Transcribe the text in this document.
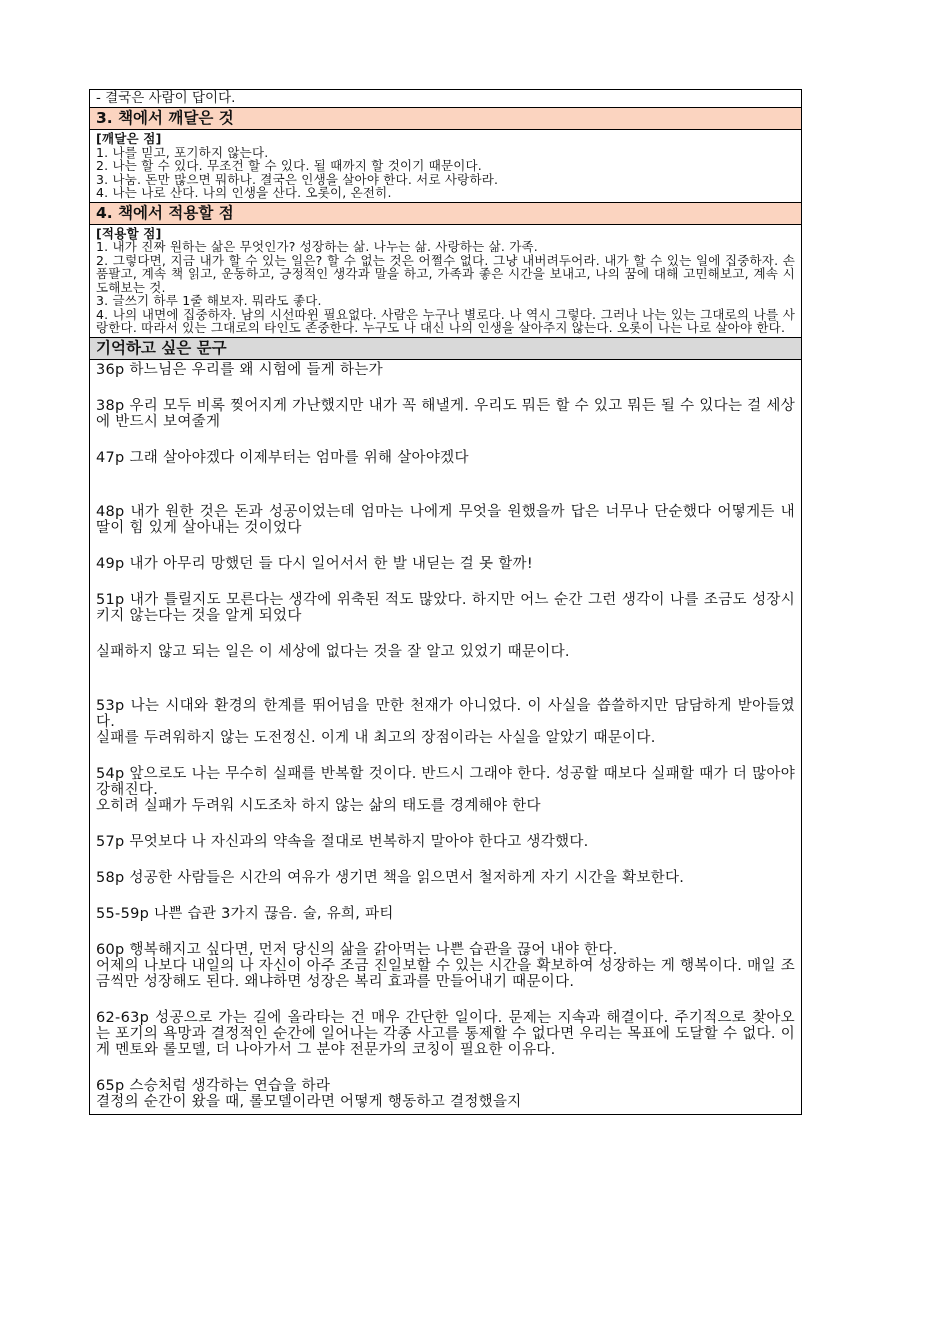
- 결국은 사람이 답이다.
3. 책에서 깨달은 것

[깨달은 점]

1. 나를 믿고, 포기하지 않는다.

2. 나는 할 수 있다. 무조건 할 수 있다. 될 때까지 할 것이기 때문이다.

3. 나눔. 돈만 많으면 뭐하나. 결국은 인생을 살아야 한다. 서로 사랑하라.

4. 나는 나로 산다. 나의 인생을 산다. 오롯이, 온전히.

4. 책에서 적용할 점

[적용할 점]

1. 내가 진짜 원하는 삶은 무엇인가? 성장하는 삶. 나누는 삶. 사랑하는 삶. 가족.

2. 그렇다면, 지금 내가 할 수 있는 일은? 할 수 없는 것은 어쩔수 없다. 그냥 내버려두어라. 내가 할 수 있는 일에 집중하자. 손품팔고, 계속 책 읽고, 운동하고, 긍정적인 생각과 말을 하고, 가족과 좋은 시간을 보내고, 나의 꿈에 대해 고민해보고, 계속 시도해보는 것.

3. 글쓰기 하루 1줄 해보자. 뭐라도 좋다.

4. 나의 내면에 집중하자. 남의 시선따윈 필요없다. 사람은 누구나 별로다. 나 역시 그렇다. 그러나 나는 있는 그대로의 나를 사랑한다. 따라서 있는 그대로의 타인도 존중한다. 누구도 나 대신 나의 인생을 살아주지 않는다. 오롯이 나는 나로 살아야 한다.

기억하고 싶은 문구

36p 하느님은 우리를 왜 시험에 들게 하는가

38p 우리 모두 비록 찢어지게 가난했지만 내가 꼭 해낼게. 우리도 뭐든 할 수 있고 뭐든 될 수 있다는 걸 세상에 반드시 보여줄게

47p 그래 살아야겠다 이제부터는 엄마를 위해 살아야겠다

48p 내가 원한 것은 돈과 성공이었는데 엄마는 나에게 무엇을 원했을까 답은 너무나 단순했다 어떻게든 내 딸이 힘 있게 살아내는 것이었다

49p 내가 아무리 망했던 들 다시 일어서서 한 발 내딛는 걸 못 할까!

51p 내가 틀릴지도 모른다는 생각에 위축된 적도 많았다. 하지만 어느 순간 그런 생각이 나를 조금도 성장시키지 않는다는 것을 알게 되었다

실패하지 않고 되는 일은 이 세상에 없다는 것을 잘 알고 있었기 때문이다.

53p 나는 시대와 환경의 한계를 뛰어넘을 만한 천재가 아니었다. 이 사실을 씁쓸하지만 담담하게 받아들였다.

실패를 두려워하지 않는 도전정신. 이게 내 최고의 장점이라는 사실을 알았기 때문이다.

54p 앞으로도 나는 무수히 실패를 반복할 것이다. 반드시 그래야 한다. 성공할 때보다 실패할 때가 더 많아야 강해진다.

오히려 실패가 두려워 시도조차 하지 않는 삶의 태도를 경계해야 한다

57p 무엇보다 나 자신과의 약속을 절대로 번복하지 말아야 한다고 생각했다.

58p 성공한 사람들은 시간의 여유가 생기면 책을 읽으면서 철저하게 자기 시간을 확보한다.

55-59p 나쁜 습관 3가지 끊음. 술, 유희, 파티

60p 행복해지고 싶다면, 먼저 당신의 삶을 갉아먹는 나쁜 습관을 끊어 내야 한다.

어제의 나보다 내일의 나 자신이 아주 조금 진일보할 수 있는 시간을 확보하여 성장하는 게 행복이다. 매일 조금씩만 성장해도 된다. 왜냐하면 성장은 복리 효과를 만들어내기 때문이다.

62-63p 성공으로 가는 길에 올라타는 건 매우 간단한 일이다. 문제는 지속과 해결이다. 주기적으로 찾아오는 포기의 욕망과 결정적인 순간에 일어나는 각종 사고를 통제할 수 없다면 우리는 목표에 도달할 수 없다. 이게 멘토와 롤모델, 더 나아가서 그 분야 전문가의 코칭이 필요한 이유다.

65p 스승처럼 생각하는 연습을 하라

결정의 순간이 왔을 때, 롤모델이라면 어떻게 행동하고 결정했을지
